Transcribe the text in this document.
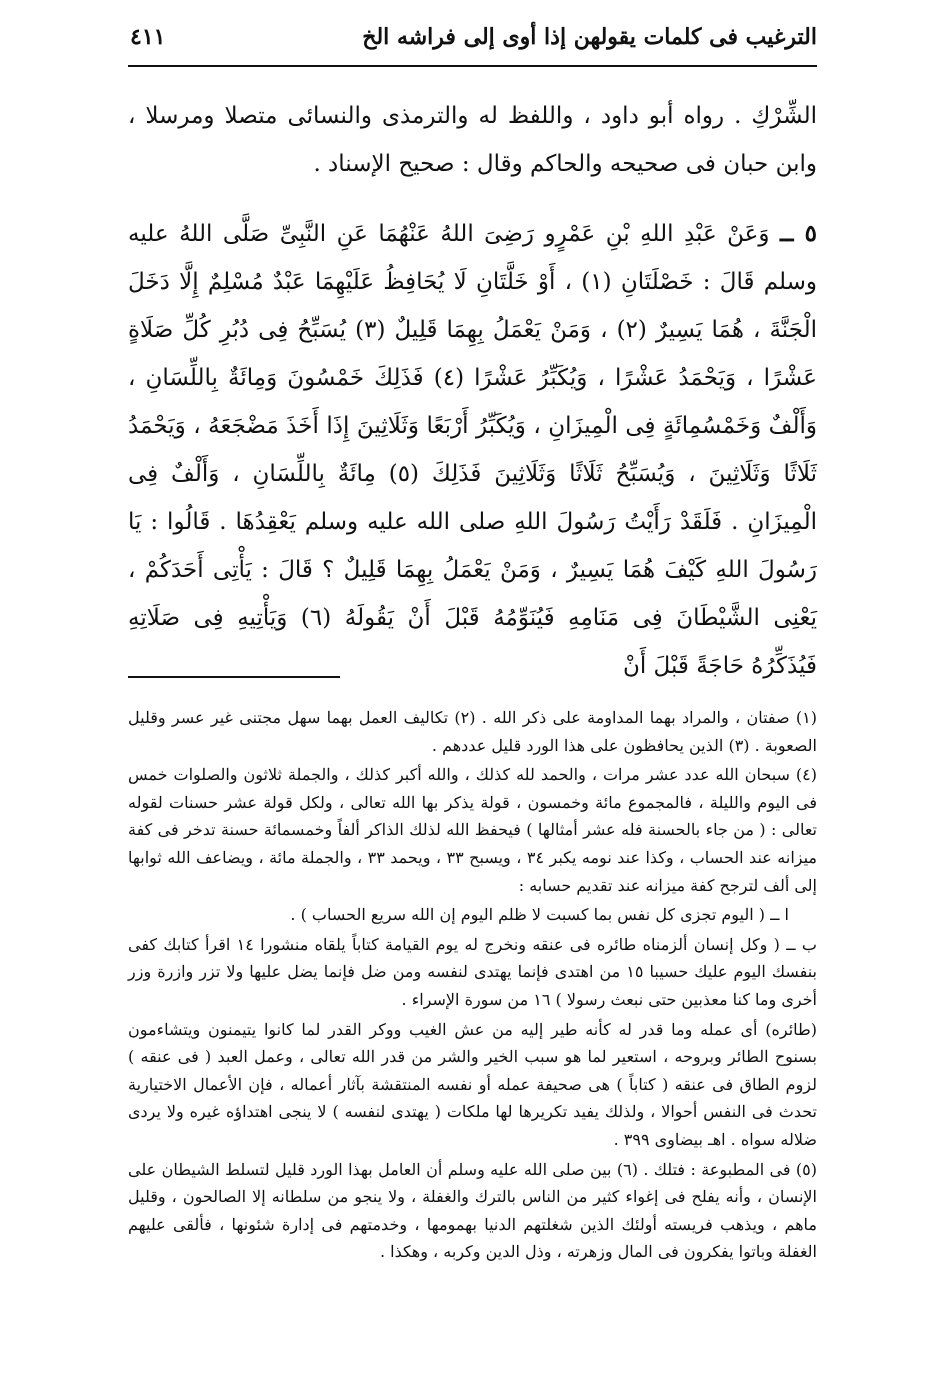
الترغيب فى كلمات يقولهن إذا أوى إلى فراشه الخ
٤١١

الشِّرْكِ . رواه أبو داود ، واللفظ له والترمذى والنسائى متصلا ومرسلا ، وابن حبان فى صحيحه والحاكم وقال : صحيح الإسناد .

٥ ــ وَعَنْ عَبْدِ اللهِ بْنِ عَمْرٍو رَضِىَ اللهُ عَنْهُمَا عَنِ النَّبِىِّ صَلَّى اللهُ عليه وسلم قَالَ : خَصْلَتَانِ (١) ، أَوْ خَلَّتَانِ لَا يُحَافِظُ عَلَيْهِمَا عَبْدٌ مُسْلِمٌ إِلَّا دَخَلَ الْجَنَّةَ ، هُمَا يَسِيرٌ (٢) ، وَمَنْ يَعْمَلُ بِهِمَا قَلِيلٌ (٣) يُسَبِّحُ فِى دُبُرِ كُلِّ صَلَاةٍ عَشْرًا ، وَيَحْمَدُ عَشْرًا ، وَيُكَبِّرُ عَشْرًا (٤) فَذَلِكَ خَمْسُونَ وَمِائَةٌ بِاللِّسَانِ ، وَأَلْفٌ وَخَمْسُمِائَةٍ فِى الْمِيزَانِ ، وَيُكَبِّرُ أَرْبَعًا وَثَلَاثِينَ إِذَا أَخَذَ مَضْجَعَهُ ، وَيَحْمَدُ ثَلَاثًا وَثَلَاثِينَ ، وَيُسَبِّحُ ثَلَاثًا وَثَلَاثِينَ فَذَلِكَ (٥) مِائَةٌ بِاللِّسَانِ ، وَأَلْفٌ فِى الْمِيزَانِ . فَلَقَدْ رَأَيْتُ رَسُولَ اللهِ صلى الله عليه وسلم يَعْقِدُهَا . قَالُوا : يَا رَسُولَ اللهِ كَيْفَ هُمَا يَسِيرٌ ، وَمَنْ يَعْمَلُ بِهِمَا قَلِيلٌ ؟ قَالَ : يَأْتِى أَحَدَكُمْ ، يَعْنِى الشَّيْطَانَ فِى مَنَامِهِ فَيُنَوِّمُهُ قَبْلَ أَنْ يَقُولَهُ (٦) وَيَأْتِيهِ فِى صَلَاتِهِ فَيُذَكِّرُهُ حَاجَةً قَبْلَ أَنْ

(١) صفتان ، والمراد بهما المداومة على ذكر الله . (٢) تكاليف العمل بهما سهل مجتنى غير عسر وقليل الصعوبة . (٣) الذين يحافظون على هذا الورد قليل عددهم .

(٤) سبحان الله عدد عشر مرات ، والحمد لله كذلك ، والله أكبر كذلك ، والجملة ثلاثون والصلوات خمس فى اليوم والليلة ، فالمجموع مائة وخمسون ، قولة يذكر بها الله تعالى ، ولكل قولة عشر حسنات لقوله تعالى : ( من جاء بالحسنة فله عشر أمثالها ) فيحفظ الله لذلك الذاكر ألفاً وخمسمائة حسنة تدخر فى كفة ميزانه عند الحساب ، وكذا عند نومه يكبر ٣٤ ، ويسبح ٣٣ ، ويحمد ٣٣ ، والجملة مائة ، ويضاعف الله ثوابها إلى ألف لترجح كفة ميزانه عند تقديم حسابه :

ا ــ ( اليوم تجزى كل نفس بما كسبت لا ظلم اليوم إن الله سريع الحساب ) .

ب ــ ( وكل إنسان ألزمناه طائره فى عنقه ونخرج له يوم القيامة كتاباً يلقاه منشورا ١٤ اقرأ كتابك كفى بنفسك اليوم عليك حسيبا ١٥ من اهتدى فإنما يهتدى لنفسه ومن ضل فإنما يضل عليها ولا تزر وازرة وزر أخرى وما كنا معذبين حتى نبعث رسولا ) ١٦ من سورة الإسراء .

(طائره) أى عمله وما قدر له كأنه طير إليه من عش الغيب ووكر القدر لما كانوا يتيمنون ويتشاءمون بسنوح الطائر وبروحه ، استعير لما هو سبب الخير والشر من قدر الله تعالى ، وعمل العبد ( فى عنقه ) لزوم الطاق فى عنقه ( كتاباً ) هى صحيفة عمله أو نفسه المنتقشة بآثار أعماله ، فإن الأعمال الاختيارية تحدث فى النفس أحوالا ، ولذلك يفيد تكريرها لها ملكات ( يهتدى لنفسه ) لا ينجى اهتداؤه غيره ولا يردى ضلاله سواه . اهـ بيضاوى ٣٩٩ .

(٥) فى المطبوعة : فتلك . (٦) بين صلى الله عليه وسلم أن العامل بهذا الورد قليل لتسلط الشيطان على الإنسان ، وأنه يفلح فى إغواء كثير من الناس بالترك والغفلة ، ولا ينجو من سلطانه إلا الصالحون ، وقليل ماهم ، ويذهب فريسته أولئك الذين شغلتهم الدنيا بهمومها ، وخدمتهم فى إدارة شئونها ، فألقى عليهم الغفلة وباتوا يفكرون فى المال وزهرته ، وذل الدين وكربه ، وهكذا .
